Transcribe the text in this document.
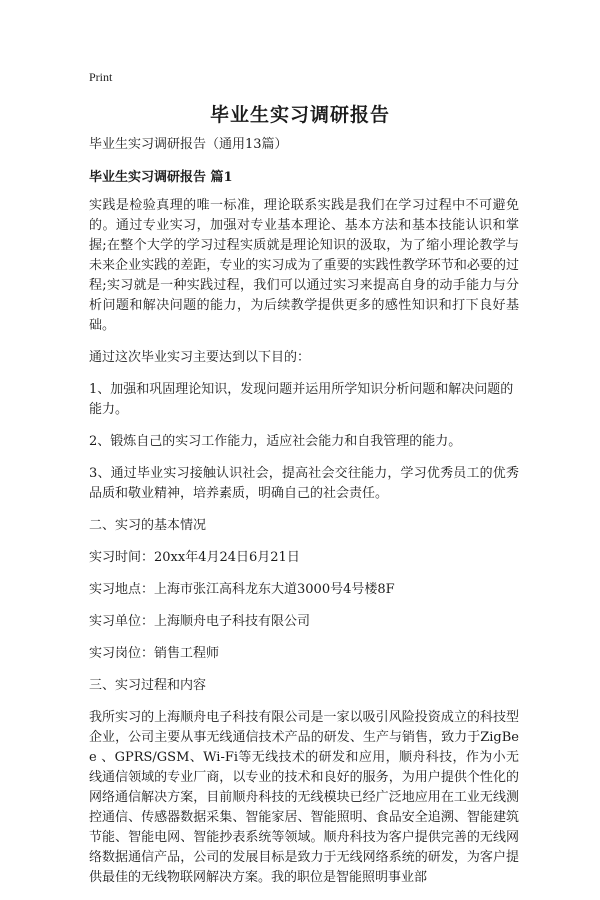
Print
毕业生实习调研报告

毕业生实习调研报告（通用13篇）

毕业生实习调研报告 篇1

实践是检验真理的唯一标准，理论联系实践是我们在学习过程中不可避免的。通过专业实习，加强对专业基本理论、基本方法和基本技能认识和掌握;在整个大学的学习过程实质就是理论知识的汲取，为了缩小理论教学与未来企业实践的差距，专业的实习成为了重要的实践性教学环节和必要的过程;实习就是一种实践过程，我们可以通过实习来提高自身的动手能力与分析问题和解决问题的能力，为后续教学提供更多的感性知识和打下良好基础。

通过这次毕业实习主要达到以下目的：

1、加强和巩固理论知识，发现问题并运用所学知识分析问题和解决问题的能力。

2、锻炼自己的实习工作能力，适应社会能力和自我管理的能力。

3、通过毕业实习接触认识社会，提高社会交往能力，学习优秀员工的优秀品质和敬业精神，培养素质，明确自己的社会责任。

二、实习的基本情况

实习时间：20xx年4月24日6月21日

实习地点：上海市张江高科龙东大道3000号4号楼8F

实习单位：上海顺舟电子科技有限公司

实习岗位：销售工程师

三、实习过程和内容

我所实习的上海顺舟电子科技有限公司是一家以吸引风险投资成立的科技型企业，公司主要从事无线通信技术产品的研发、生产与销售，致力于ZigBee 、GPRS/GSM、Wi-Fi等无线技术的研发和应用，顺舟科技，作为小无线通信领域的专业厂商，以专业的技术和良好的服务，为用户提供个性化的网络通信解决方案，目前顺舟科技的无线模块已经广泛地应用在工业无线测控通信、传感器数据采集、智能家居、智能照明、食品安全追溯、智能建筑节能、智能电网、智能抄表系统等领域。顺舟科技为客户提供完善的无线网络数据通信产品，公司的发展目标是致力于无线网络系统的研发，为客户提供最佳的无线物联网解决方案。我的职位是智能照明事业部
